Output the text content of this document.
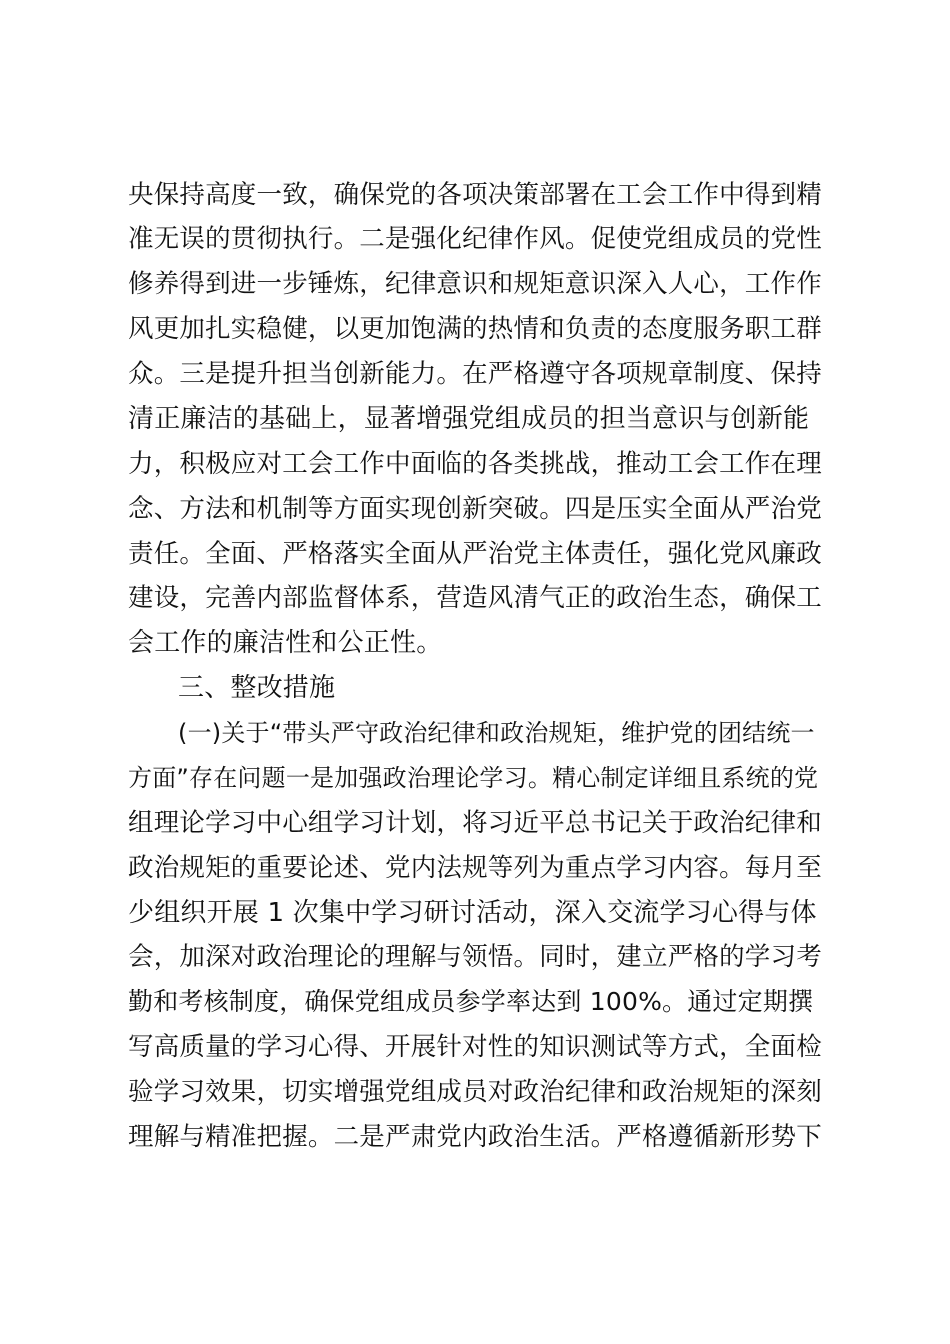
央保持高度一致，确保党的各项决策部署在工会工作中得到精
准无误的贯彻执行。二是强化纪律作风。促使党组成员的党性
修养得到进一步锤炼，纪律意识和规矩意识深入人心，工作作
风更加扎实稳健，以更加饱满的热情和负责的态度服务职工群
众。三是提升担当创新能力。在严格遵守各项规章制度、保持
清正廉洁的基础上，显著增强党组成员的担当意识与创新能
力，积极应对工会工作中面临的各类挑战，推动工会工作在理
念、方法和机制等方面实现创新突破。四是压实全面从严治党
责任。全面、严格落实全面从严治党主体责任，强化党风廉政
建设，完善内部监督体系，营造风清气正的政治生态，确保工
会工作的廉洁性和公正性。
三、整改措施
(一)关于“带头严守政治纪律和政治规矩，维护党的团结统一
方面”存在问题一是加强政治理论学习。精心制定详细且系统的党
组理论学习中心组学习计划，将习近平总书记关于政治纪律和
政治规矩的重要论述、党内法规等列为重点学习内容。每月至
少组织开展 1 次集中学习研讨活动，深入交流学习心得与体
会，加深对政治理论的理解与领悟。同时，建立严格的学习考
勤和考核制度，确保党组成员参学率达到 100%。通过定期撰
写高质量的学习心得、开展针对性的知识测试等方式，全面检
验学习效果，切实增强党组成员对政治纪律和政治规矩的深刻
理解与精准把握。二是严肃党内政治生活。严格遵循新形势下
